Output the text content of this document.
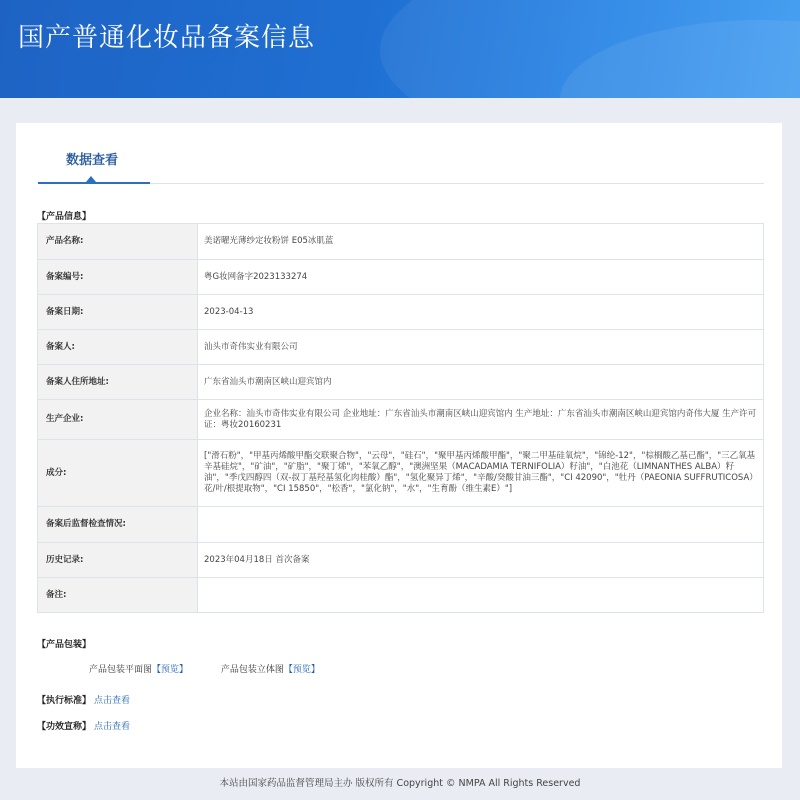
国产普通化妆品备案信息
数据查看
【产品信息】
产品名称:	美诺曜光薄纱定妆粉饼 E05冰肌蓝
备案编号:	粤G妆网备字2023133274
备案日期:	2023-04-13
备案人:	汕头市奇伟实业有限公司
备案人住所地址:	广东省汕头市潮南区峡山迎宾馆内
生产企业:	企业名称：汕头市奇伟实业有限公司 企业地址：广东省汕头市潮南区峡山迎宾馆内 生产地址：广东省汕头市潮南区峡山迎宾馆内奇伟大厦 生产许可证：粤妆20160231
成分:	["滑石粉"，"甲基丙烯酸甲酯交联聚合物"，"云母"，"硅石"，"聚甲基丙烯酸甲酯"，"聚二甲基硅氧烷"，"锦纶-12"，"棕榈酸乙基己酯"，"三乙氧基辛基硅烷"，"矿油"，"矿脂"，"聚丁烯"，"苯氧乙醇"，"澳洲坚果（MACADAMIA TERNIFOLIA）籽油"，"白池花（LIMNANTHES ALBA）籽油"，"季戊四醇四（双-叔丁基羟基氢化肉桂酸）酯"，"氢化聚异丁烯"，"辛酸/癸酸甘油三酯"，"CI 42090"，"牡丹（PAEONIA SUFFRUTICOSA）花/叶/根提取物"，"CI 15850"，"松香"，"氯化钠"，"水"，"生育酚（维生素E）"]
备案后监督检查情况:	
历史记录:	2023年04月18日 首次备案
备注:	
【产品包装】
产品包装平面图【预览】	产品包装立体图【预览】
【执行标准】 点击查看
【功效宣称】 点击查看
本站由国家药品监督管理局主办 版权所有 Copyright © NMPA All Rights Reserved
